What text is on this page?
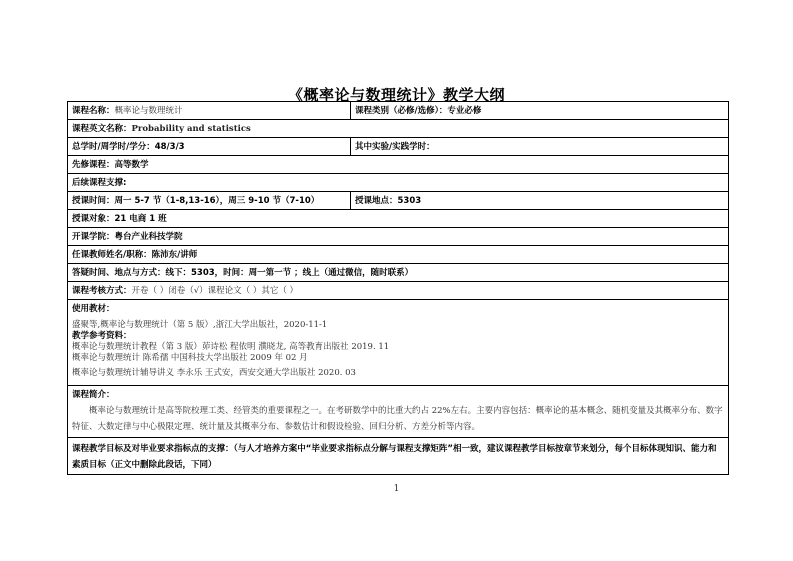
《概率论与数理统计》教学大纲
课程名称： 概率论与数理统计	课程类别（必修/选修）： 专业必修
课程英文名称： Probability and statistics
总学时/周学时/学分： 48/3/3	其中实验/实践学时：
先修课程： 高等数学
后续课程支撑:
授课时间： 周一 5-7 节（1-8,13-16），周三 9-10 节（7-10）	授课地点： 5303
授课对象： 21 电商 1 班
开课学院： 粤台产业科技学院
任课教师姓名/职称： 陈沛东/讲师
答疑时间、地点与方式： 线下：5303，时间：周一第一节 ；线上（通过微信，随时联系）
课程考核方式： 开卷（ ）闭卷（√）课程论文（ ）其它（ ）
使用教材：
盛聚等,概率论与数理统计（第 5 版）,浙江大学出版社，2020-11-1
教学参考资料：
概率论与数理统计教程（第 3 版）茆诗松 程依明 濮晓龙, 高等教育出版社 2019. 11
概率论与数理统计 陈希孺 中国科技大学出版社 2009 年 02 月
概率论与数理统计辅导讲义 李永乐 王式安，西安交通大学出版社 2020. 03
课程简介：
概率论与数理统计是高等院校理工类、经管类的重要课程之一。在考研数学中的比重大约占 22%左右。主要内容包括：概率论的基本概念、随机变量及其概率分布、数字特征、大数定律与中心极限定理、统计量及其概率分布、参数估计和假设检验、回归分析、方差分析等内容。
课程教学目标及对毕业要求指标点的支撑：（与人才培养方案中“毕业要求指标点分解与课程支撑矩阵”相一致，建议课程教学目标按章节来划分，每个目标体现知识、能力和素质目标（正文中删除此段话，下同）
1
